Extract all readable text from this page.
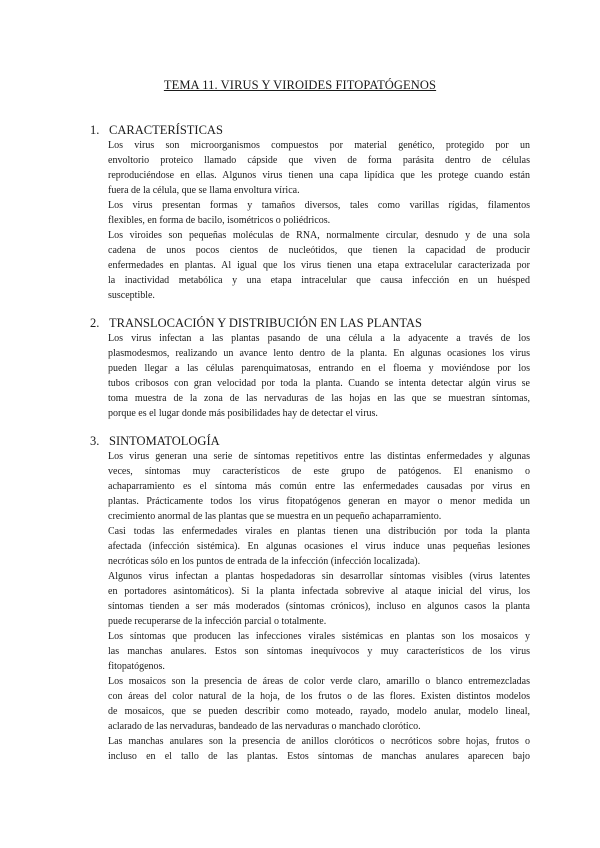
TEMA 11. VIRUS Y VIROIDES FITOPATÓGENOS
1. CARACTERÍSTICAS
Los virus son microorganismos compuestos por material genético, protegido por un
envoltorio proteico llamado cápside que viven de forma parásita dentro de células
reproduciéndose en ellas. Algunos virus tienen una capa lipídica que les protege cuando están
fuera de la célula, que se llama envoltura vírica.
Los virus presentan formas y tamaños diversos, tales como varillas rígidas, filamentos
flexibles, en forma de bacilo, isométricos o poliédricos.
Los viroides son pequeñas moléculas de RNA, normalmente circular, desnudo y de una sola
cadena de unos pocos cientos de nucleótidos, que tienen la capacidad de producir
enfermedades en plantas. Al igual que los virus tienen una etapa extracelular caracterizada por
la inactividad metabólica y una etapa intracelular que causa infección en un huésped
susceptible.
2. TRANSLOCACIÓN Y DISTRIBUCIÓN EN LAS PLANTAS
Los virus infectan a las plantas pasando de una célula a la adyacente a través de los
plasmodesmos, realizando un avance lento dentro de la planta. En algunas ocasiones los virus
pueden llegar a las células parenquimatosas, entrando en el floema y moviéndose por los
tubos cribosos con gran velocidad por toda la planta. Cuando se intenta detectar algún virus se
toma muestra de la zona de las nervaduras de las hojas en las que se muestran síntomas,
porque es el lugar donde más posibilidades hay de detectar el virus.
3. SINTOMATOLOGÍA
Los virus generan una serie de síntomas repetitivos entre las distintas enfermedades y algunas
veces, síntomas muy característicos de este grupo de patógenos. El enanismo o
achaparramiento es el síntoma más común entre las enfermedades causadas por virus en
plantas. Prácticamente todos los virus fitopatógenos generan en mayor o menor medida un
crecimiento anormal de las plantas que se muestra en un pequeño achaparramiento.
Casi todas las enfermedades virales en plantas tienen una distribución por toda la planta
afectada (infección sistémica). En algunas ocasiones el virus induce unas pequeñas lesiones
necróticas sólo en los puntos de entrada de la infección (infección localizada).
Algunos virus infectan a plantas hospedadoras sin desarrollar síntomas visibles (virus latentes
en portadores asintomáticos). Si la planta infectada sobrevive al ataque inicial del virus, los
síntomas tienden a ser más moderados (síntomas crónicos), incluso en algunos casos la planta
puede recuperarse de la infección parcial o totalmente.
Los síntomas que producen las infecciones virales sistémicas en plantas son los mosaicos y
las manchas anulares. Estos son síntomas inequívocos y muy característicos de los virus
fitopatógenos.
Los mosaicos son la presencia de áreas de color verde claro, amarillo o blanco entremezcladas
con áreas del color natural de la hoja, de los frutos o de las flores. Existen distintos modelos
de mosaicos, que se pueden describir como moteado, rayado, modelo anular, modelo lineal,
aclarado de las nervaduras, bandeado de las nervaduras o manchado clorótico.
Las manchas anulares son la presencia de anillos cloróticos o necróticos sobre hojas, frutos o
incluso en el tallo de las plantas. Estos síntomas de manchas anulares aparecen bajo
